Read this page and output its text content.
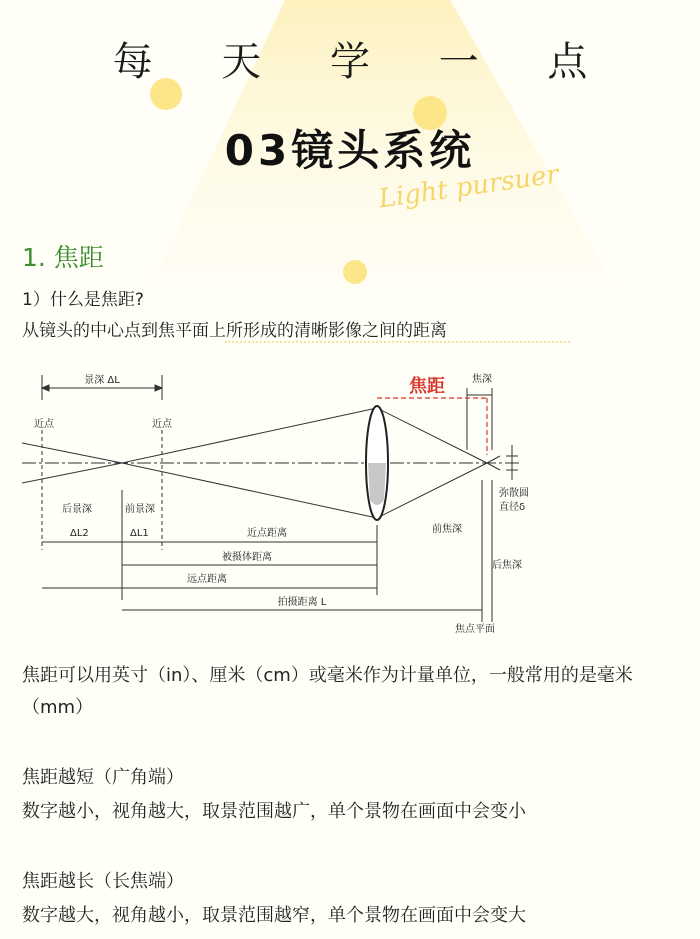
每 天 学 一 点
03镜头系统
Light pursuer
1. 焦距
1）什么是焦距?
从镜头的中心点到焦平面上所形成的清晰影像之间的距离
景深 ΔL
近点	近点
焦距	焦深
后景深	前景深
ΔL2	ΔL1	近点距离
被摄体距离
远点距离
拍摄距离 L
前焦深
后焦深
弥散圆
直径δ
焦点平面
焦距可以用英寸（in）、厘米（cm）或毫米作为计量单位，一般常用的是毫米（mm）
焦距越短（广角端）
数字越小，视角越大，取景范围越广，单个景物在画面中会变小
焦距越长（长焦端）
数字越大，视角越小，取景范围越窄，单个景物在画面中会变大
